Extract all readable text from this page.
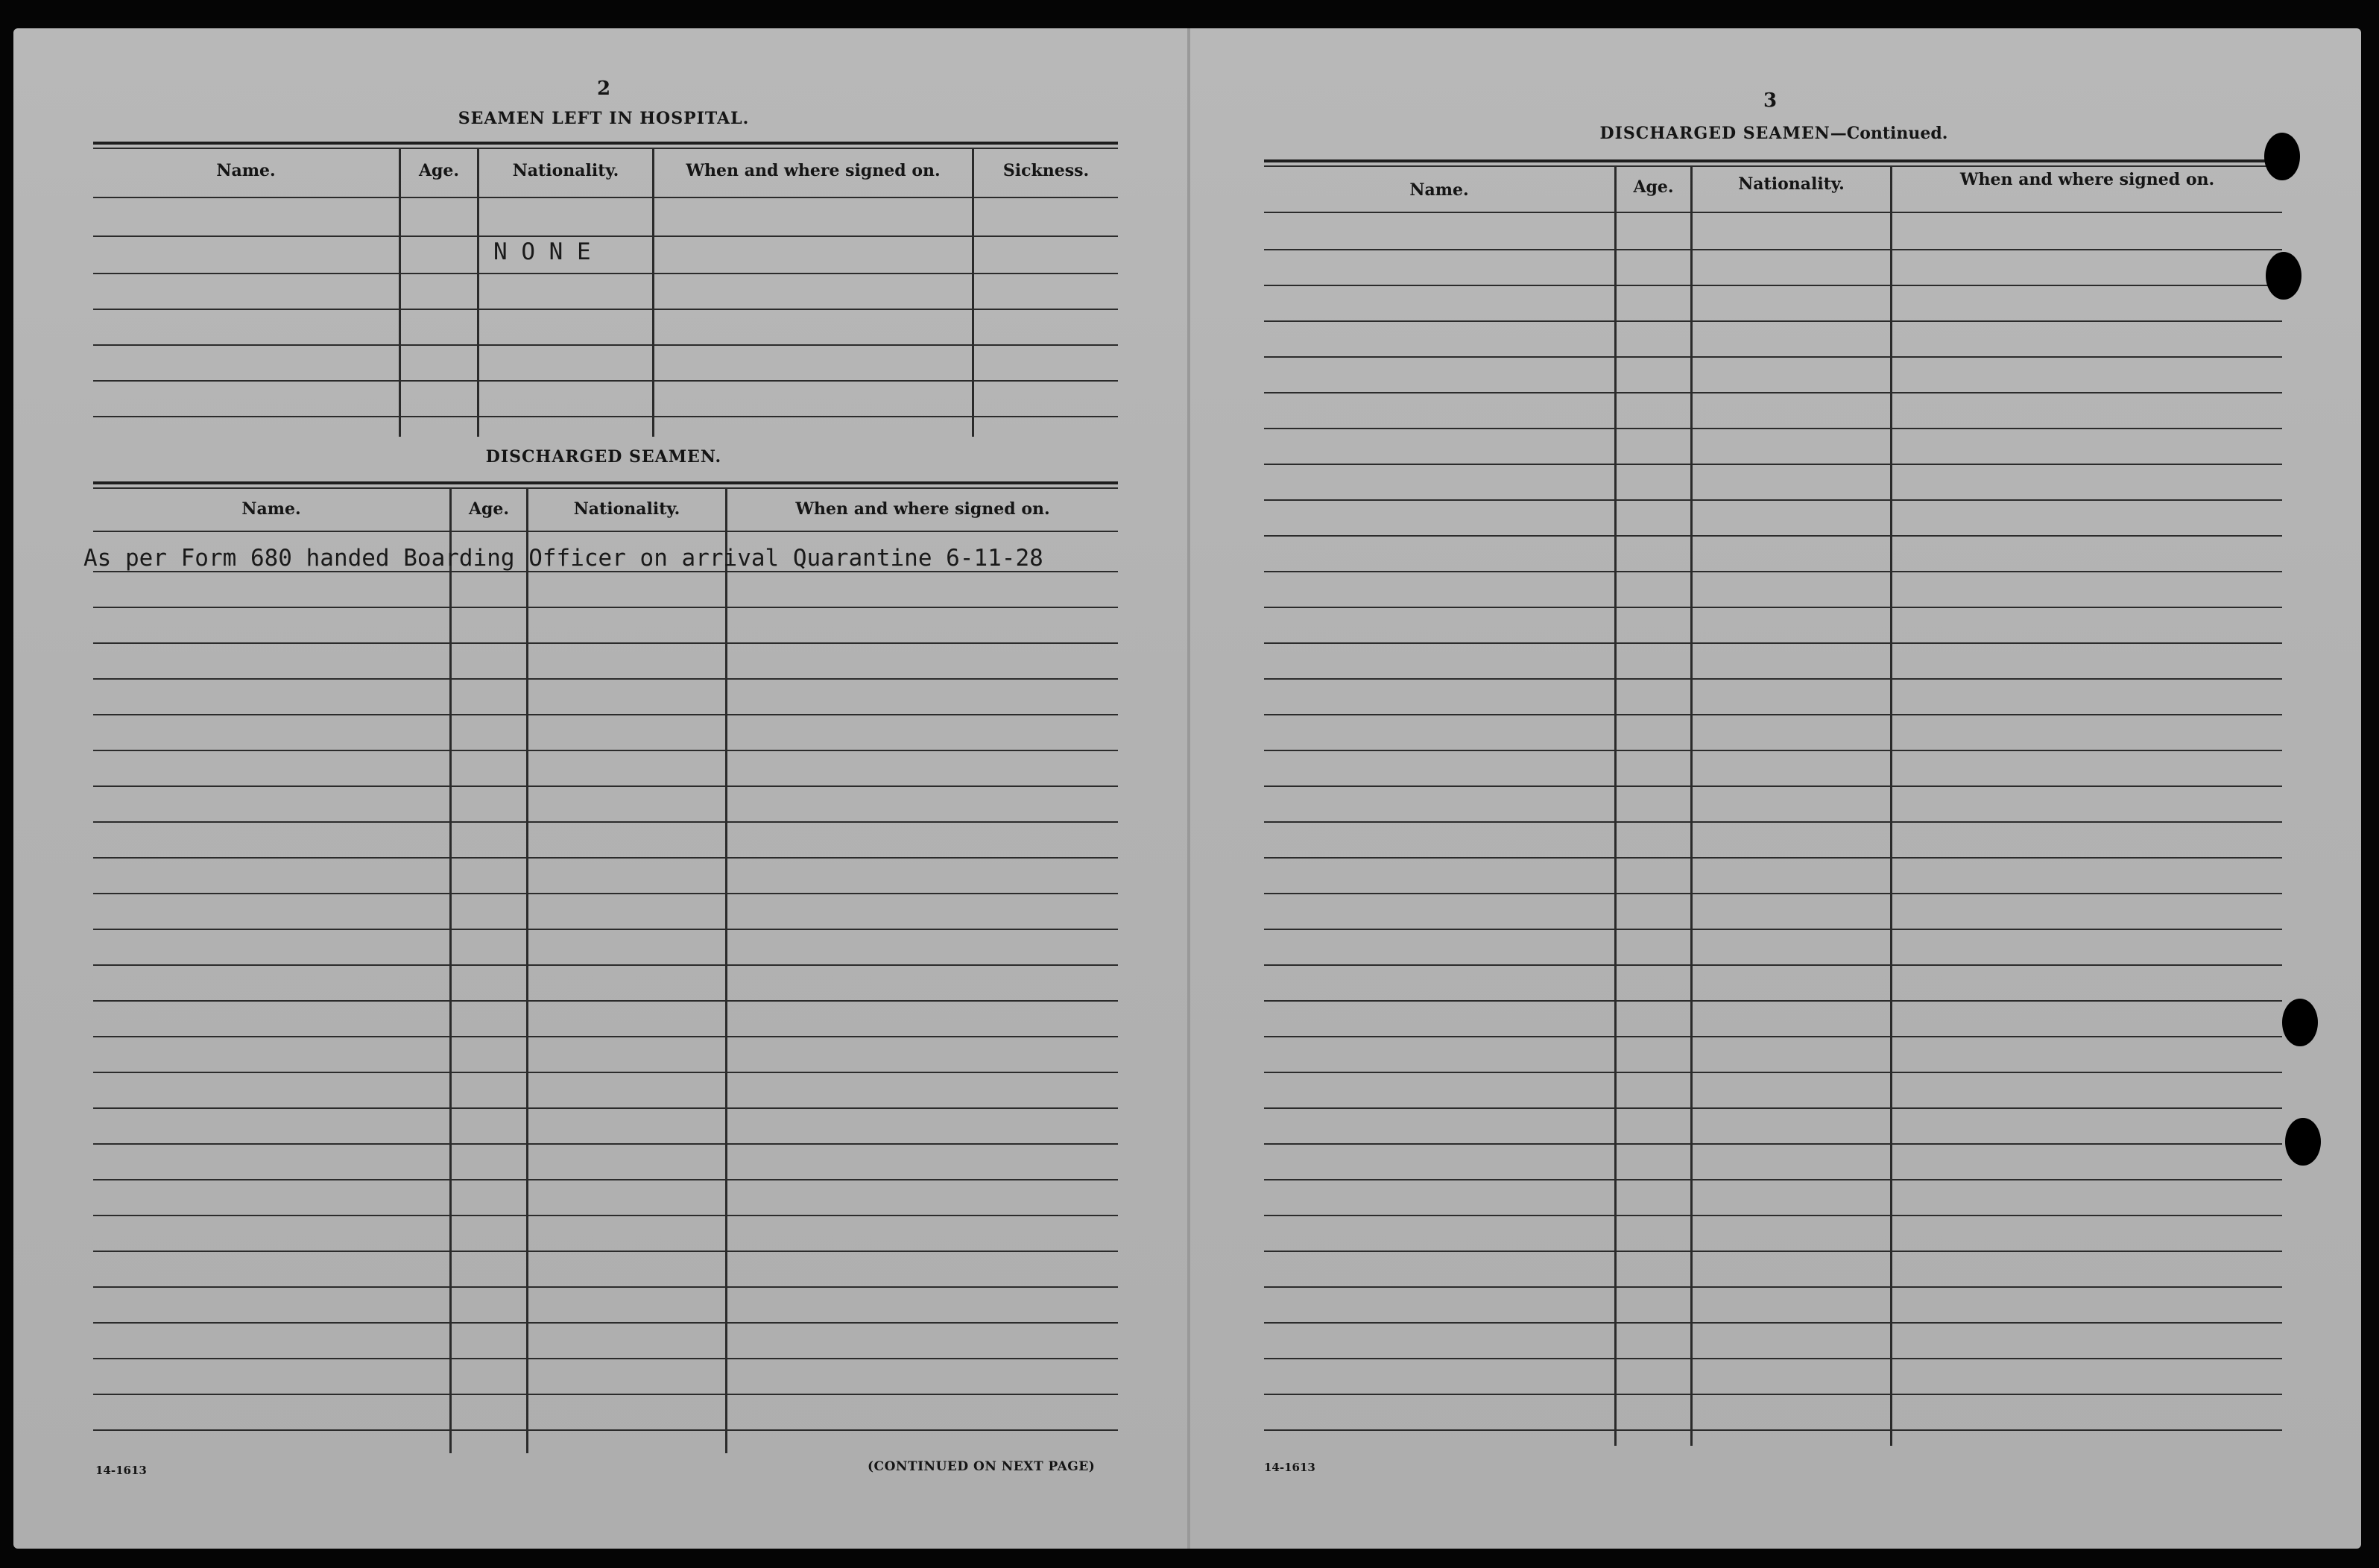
2
SEAMEN LEFT IN HOSPITAL.
Name.	Age.	Nationality.	When and where signed on.	Sickness.
N O N E
DISCHARGED SEAMEN.
Name.	Age.	Nationality.	When and where signed on.
As per Form 680 handed Boarding Officer on arrival Quarantine 6-11-28
14-1613	(CONTINUED ON NEXT PAGE)
3
DISCHARGED SEAMEN—Continued.
Name.	Age.	Nationality.	When and where signed on.
14-1613
